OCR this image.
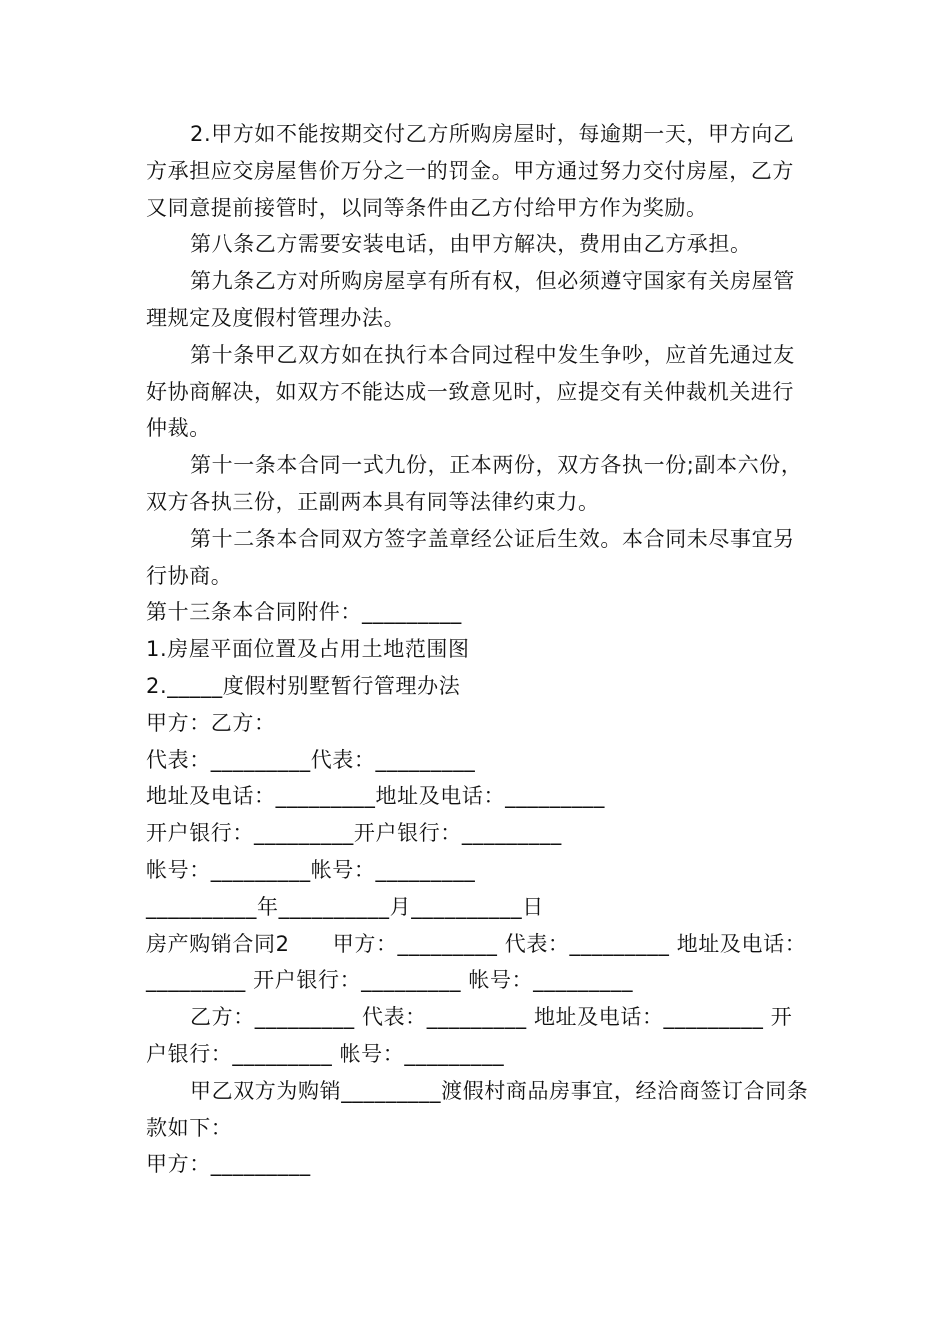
2.甲方如不能按期交付乙方所购房屋时，每逾期一天，甲方向乙方承担应交房屋售价万分之一的罚金。甲方通过努力交付房屋，乙方又同意提前接管时，以同等条件由乙方付给甲方作为奖励。

第八条乙方需要安装电话，由甲方解决，费用由乙方承担。

第九条乙方对所购房屋享有所有权，但必须遵守国家有关房屋管理规定及度假村管理办法。

第十条甲乙双方如在执行本合同过程中发生争吵，应首先通过友好协商解决，如双方不能达成一致意见时，应提交有关仲裁机关进行仲裁。

第十一条本合同一式九份，正本两份，双方各执一份;副本六份，双方各执三份，正副两本具有同等法律约束力。

第十二条本合同双方签字盖章经公证后生效。本合同未尽事宜另行协商。

第十三条本合同附件：_________

1.房屋平面位置及占用土地范围图

2._____度假村别墅暂行管理办法

甲方：乙方：

代表：_________代表：_________

地址及电话：_________地址及电话：_________

开户银行：_________开户银行：_________

帐号：_________帐号：_________

__________年__________月__________日

房产购销合同2　　甲方：_________ 代表：_________ 地址及电话：_________ 开户银行：_________ 帐号：_________

乙方：_________ 代表：_________ 地址及电话：_________ 开户银行：_________ 帐号：_________

甲乙双方为购销_________渡假村商品房事宜，经洽商签订合同条款如下：

甲方：_________
